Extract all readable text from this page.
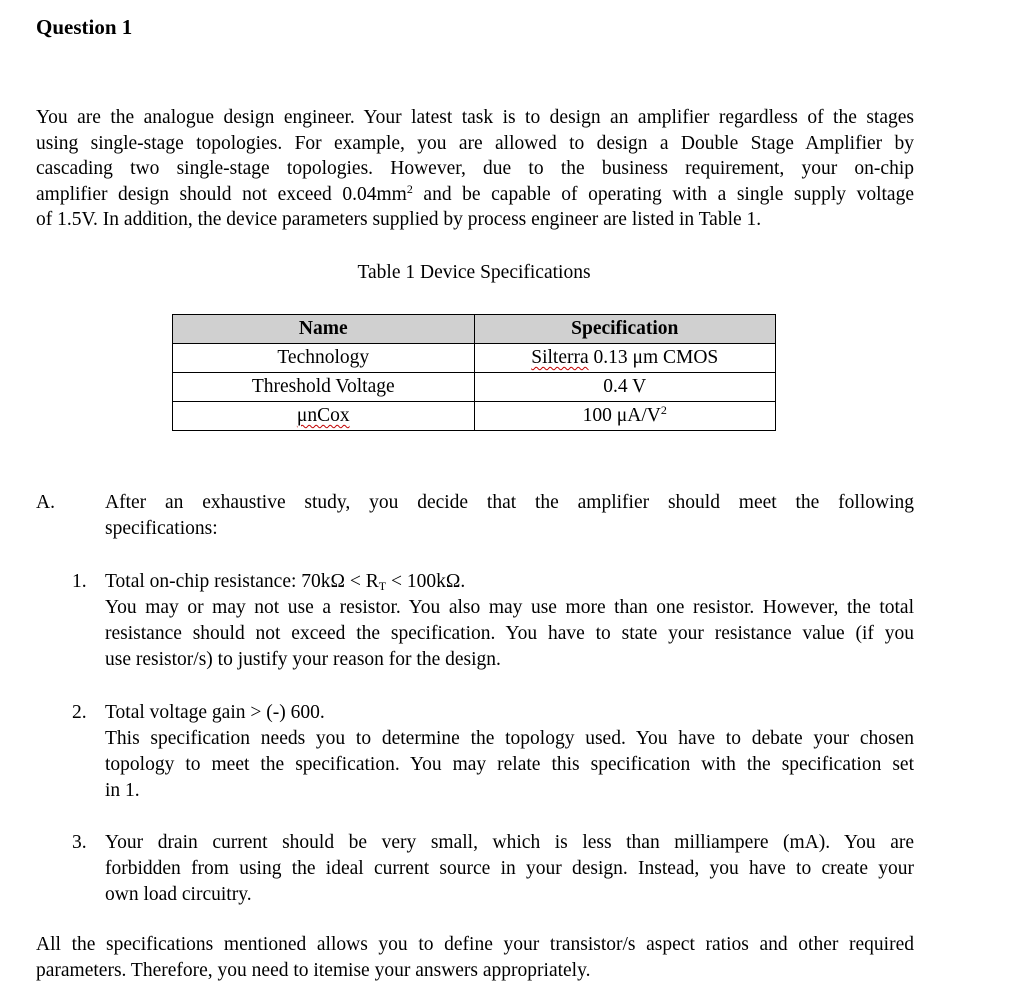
Question 1

You are the analogue design engineer. Your latest task is to design an amplifier regardless of the stages
using single-stage topologies. For example, you are allowed to design a Double Stage Amplifier by
cascading two single-stage topologies. However, due to the business requirement, your on-chip
amplifier design should not exceed $0.04mm^2$ and be capable of operating with a single supply voltage
of 1.5V. In addition, the device parameters supplied by process engineer are listed in Table 1.

Table 1 Device Specifications
Name	Specification
Technology	Silterra 0.13 μm CMOS
Threshold Voltage	0.4 V
μnCox	100 $\mu A/V^2$
A.	After an exhaustive study, you decide that the amplifier should meet the following
specifications:

1. Total on-chip resistance: $70k\Omega < R_T < 100k\Omega$.
You may or may not use a resistor. You also may use more than one resistor. However, the total
resistance should not exceed the specification. You have to state your resistance value (if you
use resistor/s) to justify your reason for the design.

2. Total voltage gain > (-) 600.
This specification needs you to determine the topology used. You have to debate your chosen
topology to meet the specification. You may relate this specification with the specification set
in 1.

3. Your drain current should be very small, which is less than milliampere (mA). You are
forbidden from using the ideal current source in your design. Instead, you have to create your
own load circuitry.

All the specifications mentioned allows you to define your transistor/s aspect ratios and other required
parameters. Therefore, you need to itemise your answers appropriately.
